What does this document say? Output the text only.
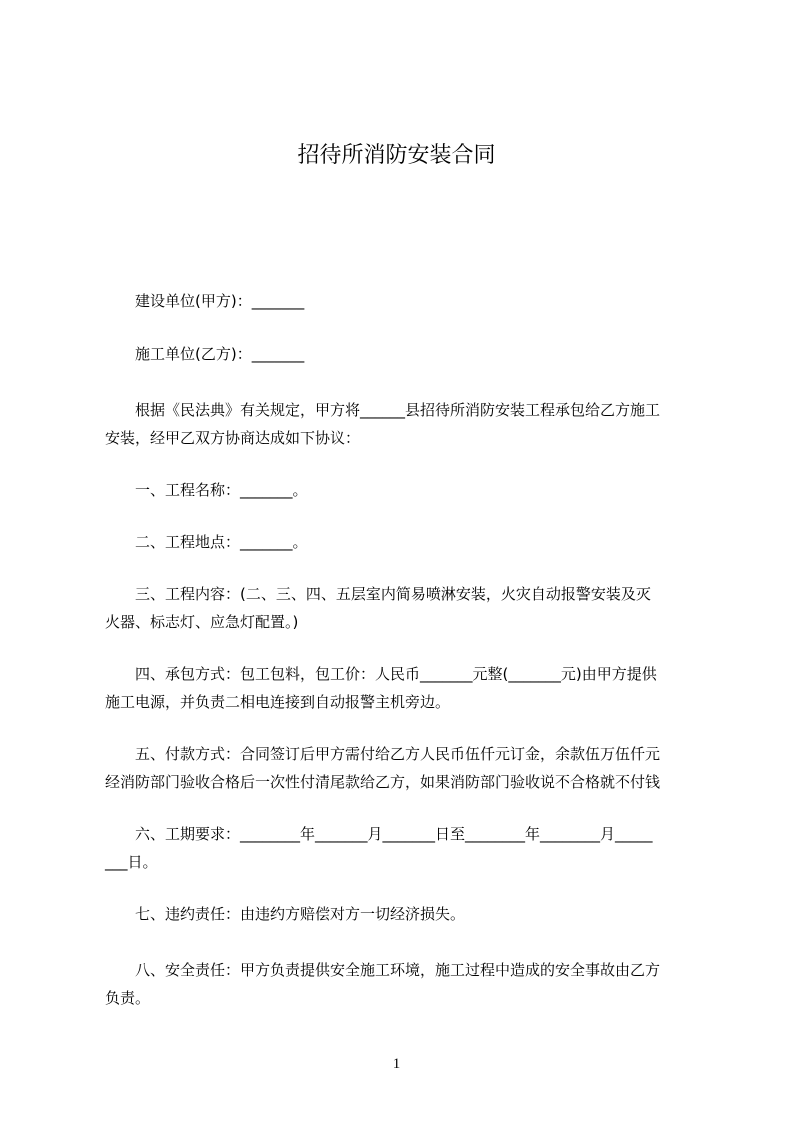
招待所消防安装合同
　　建设单位(甲方)：_______
　　施工单位(乙方)：_______
　　根据《民法典》有关规定，甲方将______县招待所消防安装工程承包给乙方施工
安装，经甲乙双方协商达成如下协议：
　　一、工程名称：_______。
　　二、工程地点：_______。
　　三、工程内容：(二、三、四、五层室内简易喷淋安装，火灾自动报警安装及灭
火器、标志灯、应急灯配置。)
　　四、承包方式：包工包料，包工价：人民币_______元整(_______元)由甲方提供
施工电源，并负责二相电连接到自动报警主机旁边。
　　五、付款方式：合同签订后甲方需付给乙方人民币伍仟元订金，余款伍万伍仟元
经消防部门验收合格后一次性付清尾款给乙方，如果消防部门验收说不合格就不付钱
　　六、工期要求：________年_______月_______日至________年________月_____
___日。
　　七、违约责任：由违约方赔偿对方一切经济损失。
　　八、安全责任：甲方负责提供安全施工环境，施工过程中造成的安全事故由乙方
负责。
1
